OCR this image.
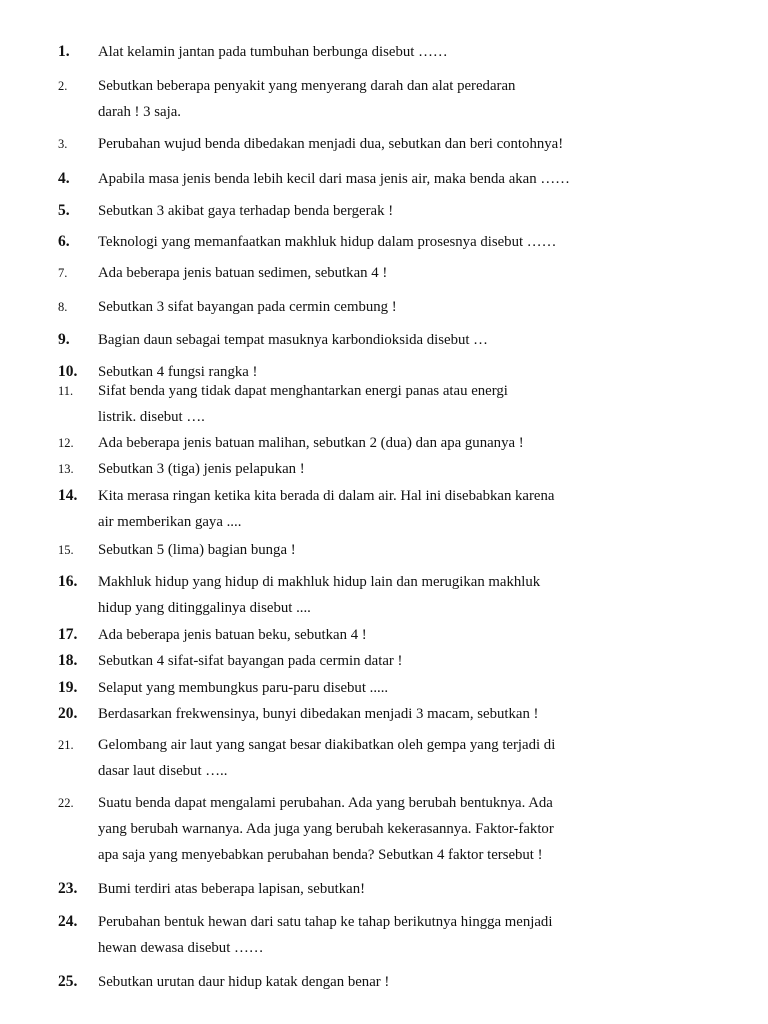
1. Alat kelamin jantan pada tumbuhan berbunga disebut ……
2. Sebutkan beberapa penyakit yang menyerang darah dan alat peredaran
darah ! 3 saja.
3. Perubahan wujud benda dibedakan menjadi dua, sebutkan dan beri contohnya!
4. Apabila masa jenis benda lebih kecil dari masa jenis air, maka benda akan ……
5. Sebutkan 3 akibat gaya terhadap benda bergerak !
6. Teknologi yang memanfaatkan makhluk hidup dalam prosesnya disebut ……
7. Ada beberapa jenis batuan sedimen, sebutkan 4 !
8. Sebutkan 3 sifat bayangan pada cermin cembung !
9. Bagian daun sebagai tempat masuknya karbondioksida disebut …
10. Sebutkan 4 fungsi rangka !
11. Sifat benda yang tidak dapat menghantarkan energi panas atau energi
listrik. disebut ….
12. Ada beberapa jenis batuan malihan, sebutkan 2 (dua) dan apa gunanya !
13. Sebutkan 3 (tiga) jenis pelapukan !
14. Kita merasa ringan ketika kita berada di dalam air. Hal ini disebabkan karena
air memberikan gaya ....
15. Sebutkan 5 (lima) bagian bunga !
16. Makhluk hidup yang hidup di makhluk hidup lain dan merugikan makhluk
hidup yang ditinggalinya disebut ....
17. Ada beberapa jenis batuan beku, sebutkan 4 !
18. Sebutkan 4 sifat-sifat bayangan pada cermin datar !
19. Selaput yang membungkus paru-paru disebut .....
20. Berdasarkan frekwensinya, bunyi dibedakan menjadi 3 macam, sebutkan !
21. Gelombang air laut yang sangat besar diakibatkan oleh gempa yang terjadi di
dasar laut disebut …..
22. Suatu benda dapat mengalami perubahan. Ada yang berubah bentuknya. Ada
yang berubah warnanya. Ada juga yang berubah kekerasannya. Faktor-faktor
apa saja yang menyebabkan perubahan benda? Sebutkan 4 faktor tersebut !
23. Bumi terdiri atas beberapa lapisan, sebutkan!
24. Perubahan bentuk hewan dari satu tahap ke tahap berikutnya hingga menjadi
hewan dewasa disebut ……
25. Sebutkan urutan daur hidup katak dengan benar !
